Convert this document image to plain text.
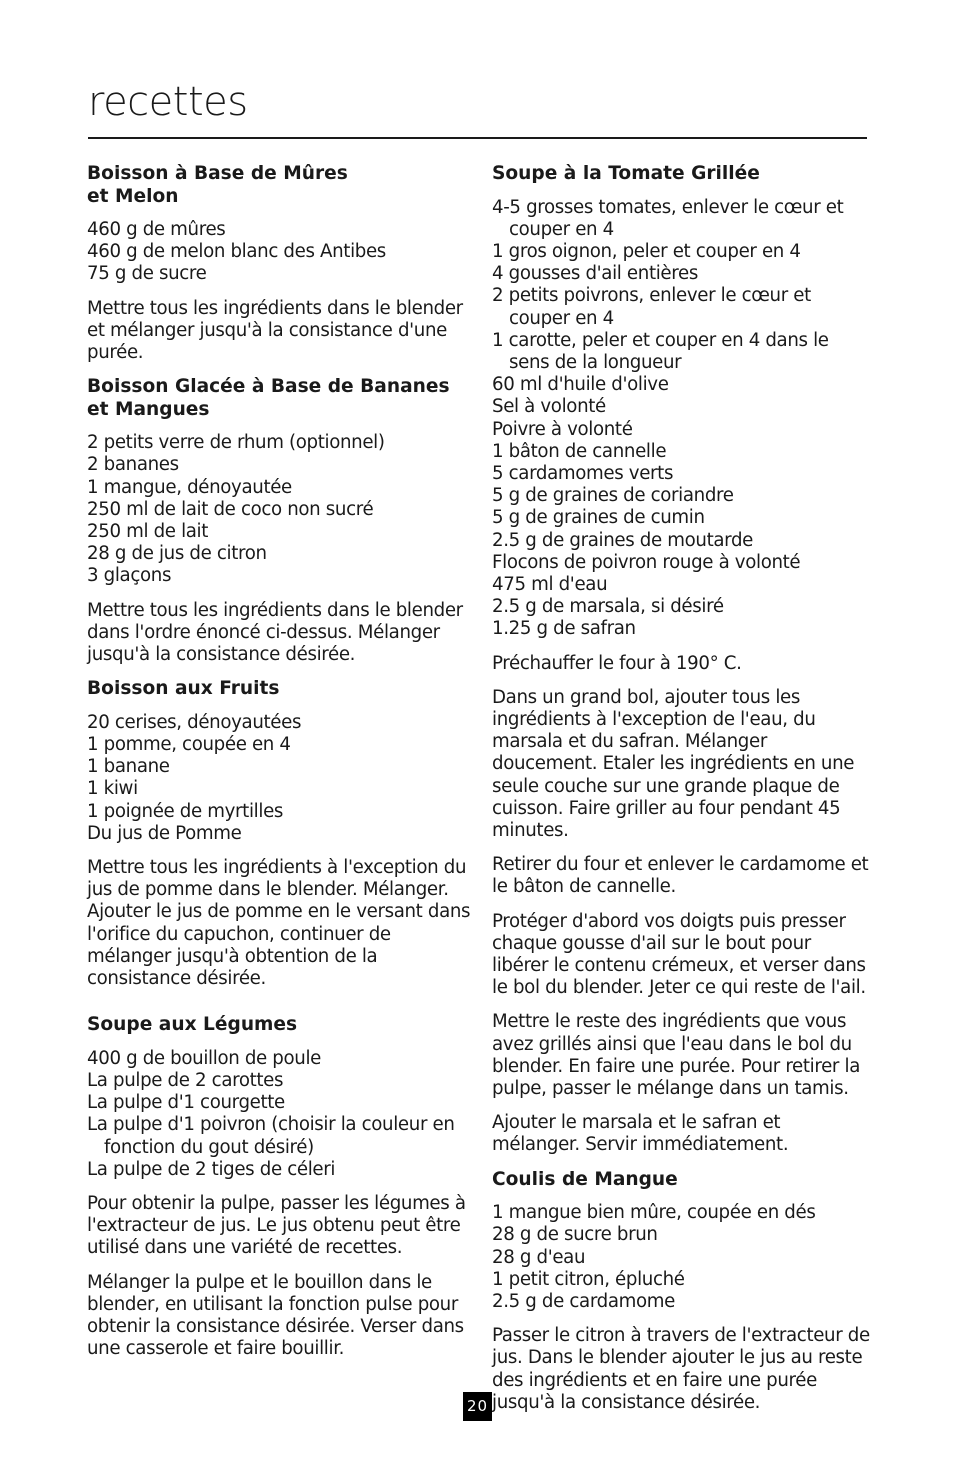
recettes
Boisson à Base de Mûres
et Melon
460 g de mûres
460 g de melon blanc des Antibes
75 g de sucre

Mettre tous les ingrédients dans le blender et mélanger jusqu'à la consistance d'une purée.

Boisson Glacée à Base de Bananes et Mangues
2 petits verre de rhum (optionnel)
2 bananes
1 mangue, dénoyautée
250 ml de lait de coco non sucré
250 ml de lait
28 g de jus de citron
3 glaçons

Mettre tous les ingrédients dans le blender dans l'ordre énoncé ci-dessus. Mélanger jusqu'à la consistance désirée.

Boisson aux Fruits
20 cerises, dénoyautées
1 pomme, coupée en 4
1 banane
1 kiwi
1 poignée de myrtilles
Du jus de Pomme

Mettre tous les ingrédients à l'exception du jus de pomme dans le blender. Mélanger. Ajouter le jus de pomme en le versant dans l'orifice du capuchon, continuer de mélanger jusqu'à obtention de la consistance désirée.

Soupe aux Légumes
400 g de bouillon de poule
La pulpe de 2 carottes
La pulpe d'1 courgette
La pulpe d'1 poivron (choisir la couleur en fonction du gout désiré)
La pulpe de 2 tiges de céleri

Pour obtenir la pulpe, passer les légumes à l'extracteur de jus. Le jus obtenu peut être utilisé dans une variété de recettes.

Mélanger la pulpe et le bouillon dans le blender, en utilisant la fonction pulse pour obtenir la consistance désirée. Verser dans une casserole et faire bouillir.

Soupe à la Tomate Grillée
4-5 grosses tomates, enlever le cœur et couper en 4
1 gros oignon, peler et couper en 4
4 gousses d'ail entières
2 petits poivrons, enlever le cœur et couper en 4
1 carotte, peler et couper en 4 dans le sens de la longueur
60 ml d'huile d'olive
Sel à volonté
Poivre à volonté
1 bâton de cannelle
5 cardamomes verts
5 g de graines de coriandre
5 g de graines de cumin
2.5 g de graines de moutarde
Flocons de poivron rouge à volonté
475 ml d'eau
2.5 g de marsala, si désiré
1.25 g de safran

Préchauffer le four à 190° C.

Dans un grand bol, ajouter tous les ingrédients à l'exception de l'eau, du marsala et du safran. Mélanger doucement. Etaler les ingrédients en une seule couche sur une grande plaque de cuisson. Faire griller au four pendant 45 minutes.

Retirer du four et enlever le cardamome et le bâton de cannelle.

Protéger d'abord vos doigts puis presser chaque gousse d'ail sur le bout pour libérer le contenu crémeux, et verser dans le bol du blender. Jeter ce qui reste de l'ail.

Mettre le reste des ingrédients que vous avez grillés ainsi que l'eau dans le bol du blender. En faire une purée. Pour retirer la pulpe, passer le mélange dans un tamis.

Ajouter le marsala et le safran et mélanger. Servir immédiatement.

Coulis de Mangue
1 mangue bien mûre, coupée en dés
28 g de sucre brun
28 g d'eau
1 petit citron, épluché
2.5 g de cardamome

Passer le citron à travers de l'extracteur de jus. Dans le blender ajouter le jus au reste des ingrédients et en faire une purée jusqu'à la consistance désirée.

20
